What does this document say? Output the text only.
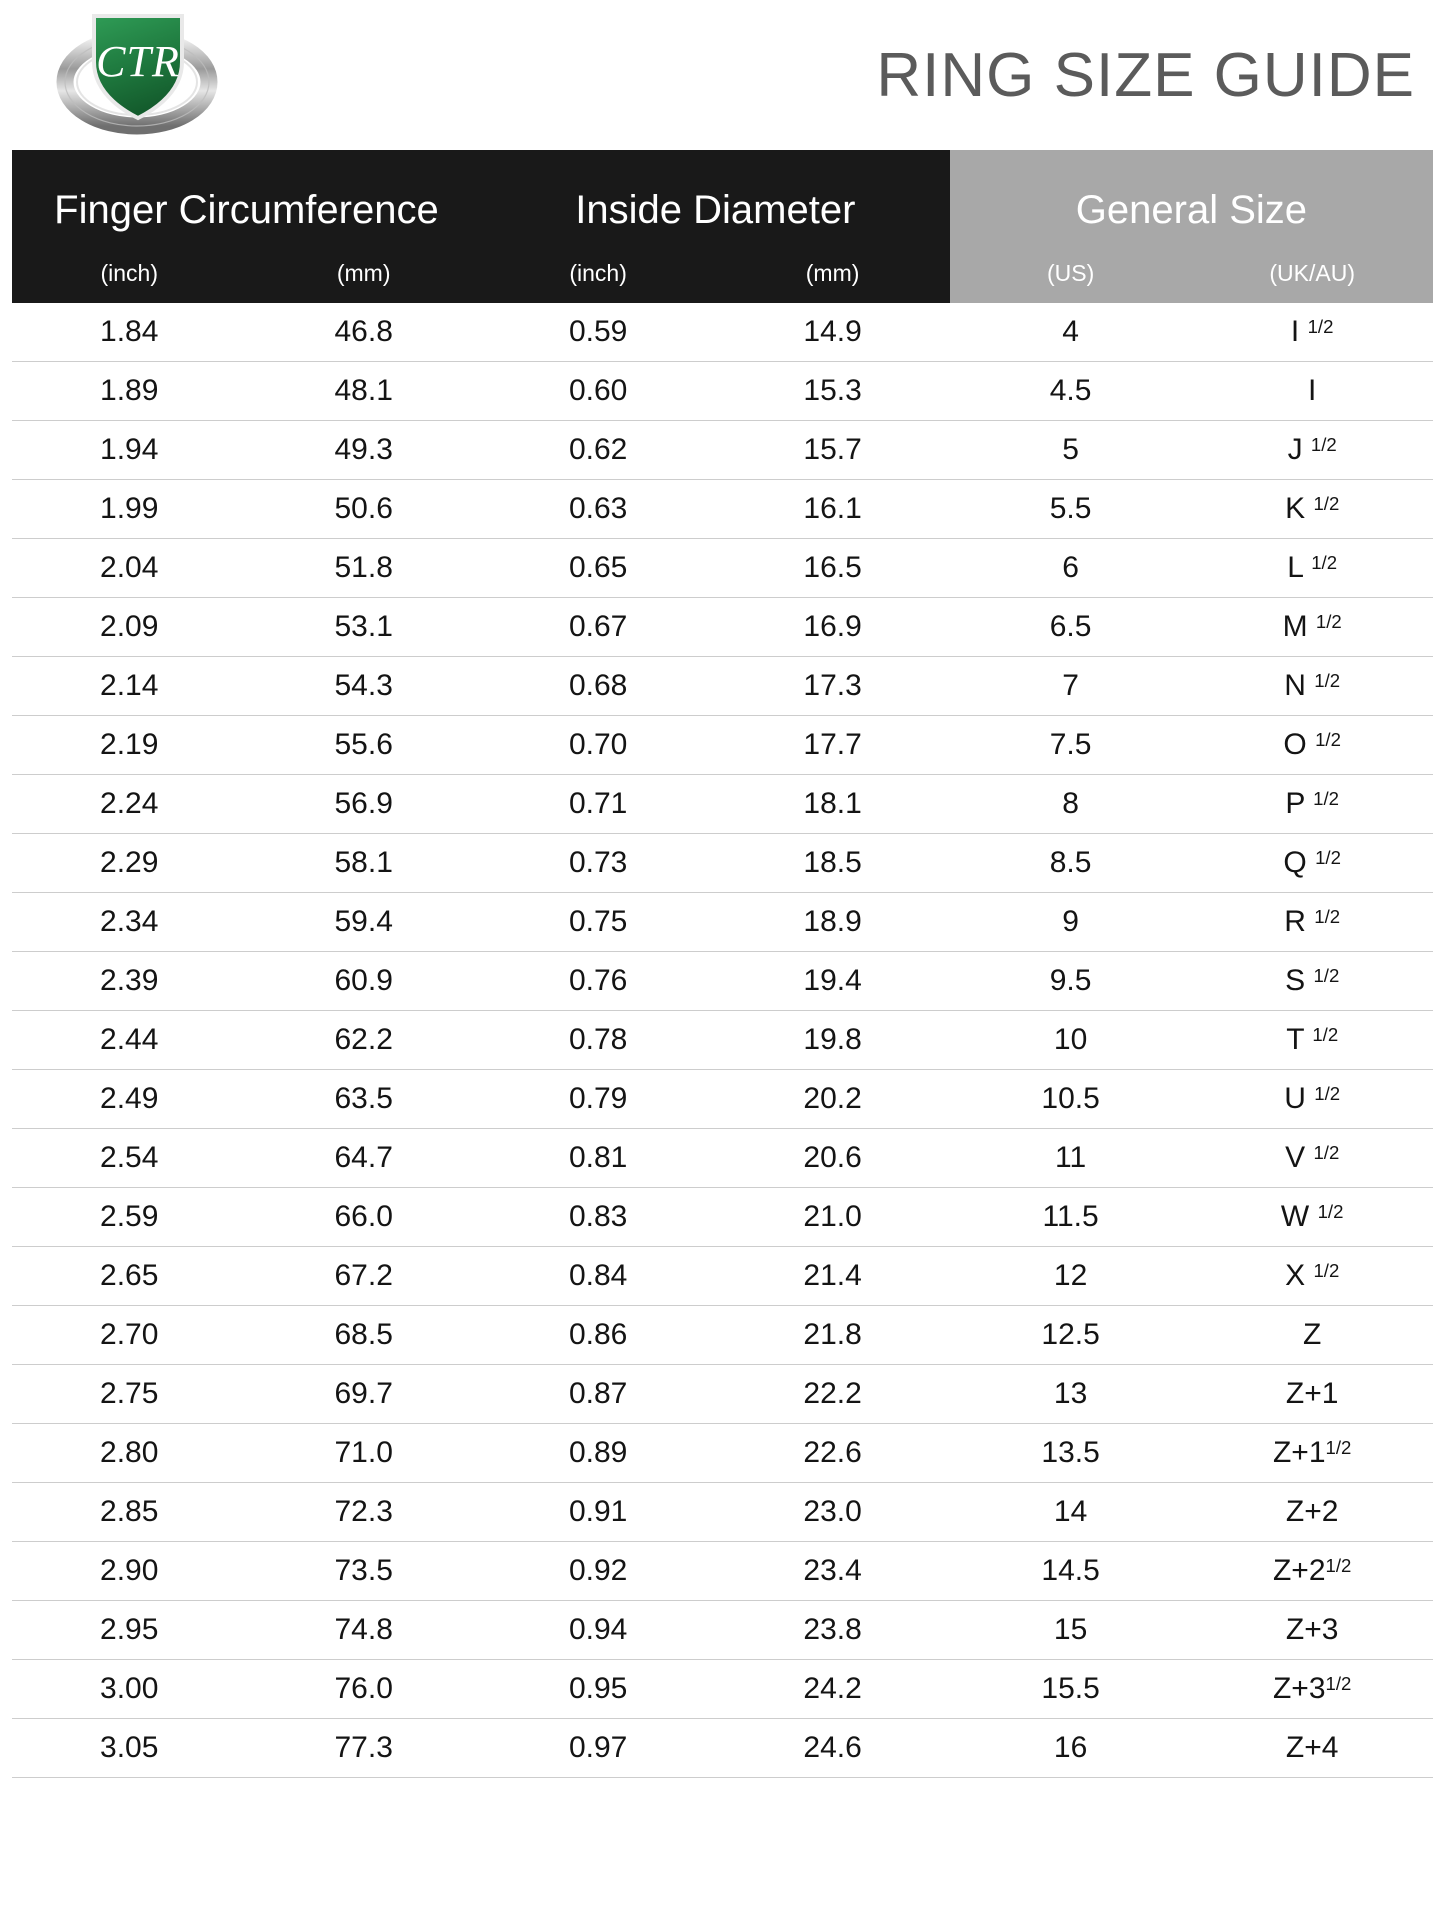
CTR	RING SIZE GUIDE
Finger Circumference		Inside Diameter		General Size	
(inch)	(mm)	(inch)	(mm)	(US)	(UK/AU)
1.84	46.8	0.59	14.9	4	I $^{1/2}$

1.89	48.1	0.60	15.3	4.5	I
1.94	49.3	0.62	15.7	5	J $^{1/2}$

1.99	50.6	0.63	16.1	5.5	K $^{1/2}$

2.04	51.8	0.65	16.5	6	L $^{1/2}$

2.09	53.1	0.67	16.9	6.5	M $^{1/2}$

2.14	54.3	0.68	17.3	7	N $^{1/2}$

2.19	55.6	0.70	17.7	7.5	O $^{1/2}$

2.24	56.9	0.71	18.1	8	P $^{1/2}$

2.29	58.1	0.73	18.5	8.5	Q $^{1/2}$

2.34	59.4	0.75	18.9	9	R $^{1/2}$

2.39	60.9	0.76	19.4	9.5	S $^{1/2}$

2.44	62.2	0.78	19.8	10	T $^{1/2}$

2.49	63.5	0.79	20.2	10.5	U $^{1/2}$

2.54	64.7	0.81	20.6	11	V $^{1/2}$

2.59	66.0	0.83	21.0	11.5	W $^{1/2}$

2.65	67.2	0.84	21.4	12	X $^{1/2}$

2.70	68.5	0.86	21.8	12.5	Z
2.75	69.7	0.87	22.2	13	Z+1
2.80	71.0	0.89	22.6	13.5	$Z+1^{1/2}$

2.85	72.3	0.91	23.0	14	Z+2
2.90	73.5	0.92	23.4	14.5	$Z+2^{1/2}$

2.95	74.8	0.94	23.8	15	Z+3
3.00	76.0	0.95	24.2	15.5	$Z+3^{1/2}$

3.05	77.3	0.97	24.6	16	Z+4
